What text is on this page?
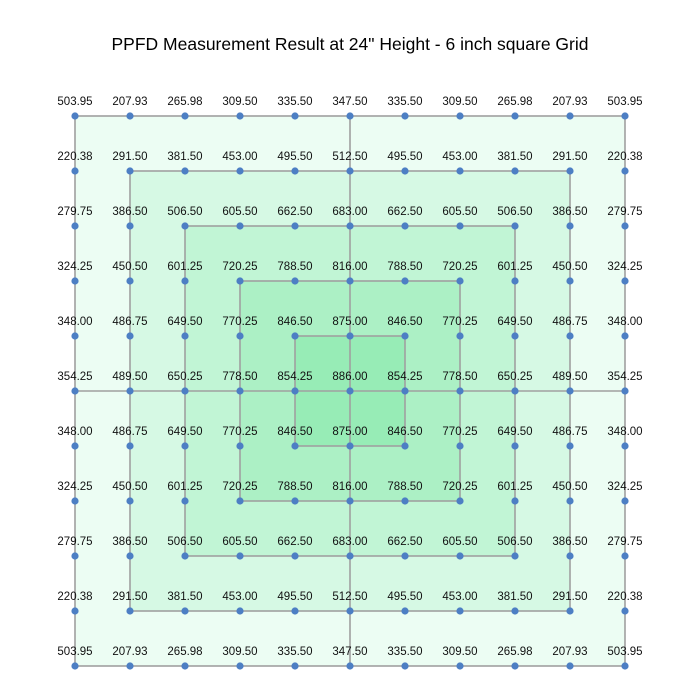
PPFD Measurement Result at 24" Height - 6 inch square Grid
503.95 207.93 265.98 309.50 335.50 347.50 335.50 309.50 265.98 207.93 503.95
220.38 291.50 381.50 453.00 495.50 512.50 495.50 453.00 381.50 291.50 220.38
279.75 386.50 506.50 605.50 662.50 683.00 662.50 605.50 506.50 386.50 279.75
324.25 450.50 601.25 720.25 788.50 816.00 788.50 720.25 601.25 450.50 324.25
348.00 486.75 649.50 770.25 846.50 875.00 846.50 770.25 649.50 486.75 348.00
354.25 489.50 650.25 778.50 854.25 886.00 854.25 778.50 650.25 489.50 354.25
348.00 486.75 649.50 770.25 846.50 875.00 846.50 770.25 649.50 486.75 348.00
324.25 450.50 601.25 720.25 788.50 816.00 788.50 720.25 601.25 450.50 324.25
279.75 386.50 506.50 605.50 662.50 683.00 662.50 605.50 506.50 386.50 279.75
220.38 291.50 381.50 453.00 495.50 512.50 495.50 453.00 381.50 291.50 220.38
503.95 207.93 265.98 309.50 335.50 347.50 335.50 309.50 265.98 207.93 503.95
